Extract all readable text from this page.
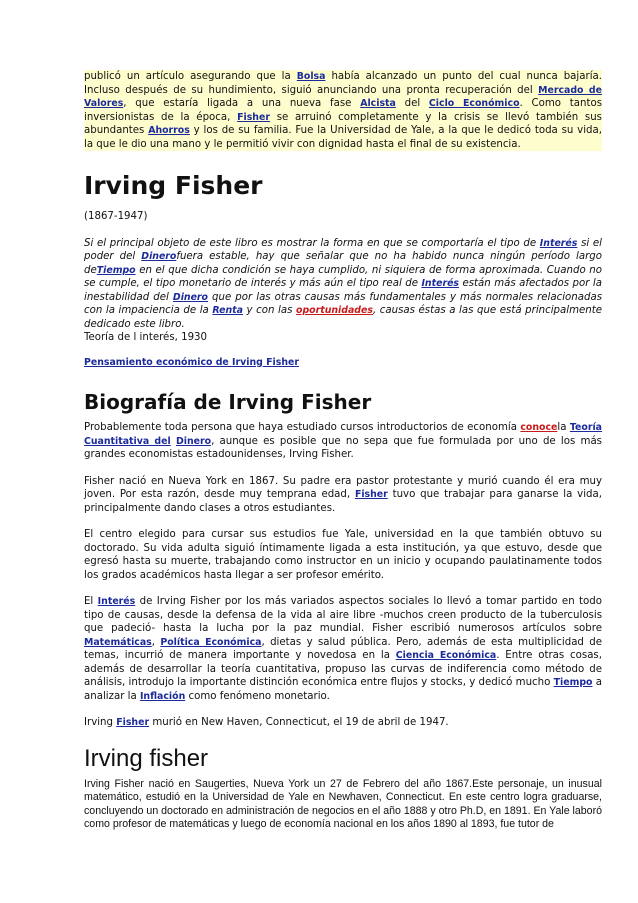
publicó un artículo asegurando que la Bolsa había alcanzado un punto del cual nunca bajaría. Incluso después de su hundimiento, siguió anunciando una pronta recuperación del Mercado de Valores, que estaría ligada a una nueva fase Alcista del Ciclo Económico. Como tantos inversionistas de la época, Fisher se arruinó completamente y la crisis se llevó también sus abundantes Ahorros y los de su familia. Fue la Universidad de Yale, a la que le dedicó toda su vida, la que le dio una mano y le permitió vivir con dignidad hasta el final de su existencia.

Irving Fisher
(1867-1947)

Si el principal objeto de este libro es mostrar la forma en que se comportaría el tipo de Interés si el poder del Dinerofuera estable, hay que señalar que no ha habido nunca ningún período largo deTiempo en el que dicha condición se haya cumplido, ni siquiera de forma aproximada. Cuando no se cumple, el tipo monetario de interés y más aún el tipo real de Interés están más afectados por la inestabilidad del Dinero que por las otras causas más fundamentales y más normales relacionadas con la impaciencia de la Renta y con las oportunidades, causas éstas a las que está principalmente dedicado este libro.

Teoría de l interés, 1930
Pensamiento económico de Irving Fisher
Biografía de Irving Fisher

Probablemente toda persona que haya estudiado cursos introductorios de economía conocela Teoría Cuantitativa del Dinero, aunque es posible que no sepa que fue formulada por uno de los más grandes economistas estadounidenses, Irving Fisher.

Fisher nació en Nueva York en 1867. Su padre era pastor protestante y murió cuando él era muy joven. Por esta razón, desde muy temprana edad, Fisher tuvo que trabajar para ganarse la vida, principalmente dando clases a otros estudiantes.

El centro elegido para cursar sus estudios fue Yale, universidad en la que también obtuvo su doctorado. Su vida adulta siguió íntimamente ligada a esta institución, ya que estuvo, desde que egresó hasta su muerte, trabajando como instructor en un inicio y ocupando paulatinamente todos los grados académicos hasta llegar a ser profesor emérito.

El Interés de Irving Fisher por los más variados aspectos sociales lo llevó a tomar partido en todo tipo de causas, desde la defensa de la vida al aire libre -muchos creen producto de la tuberculosis que padeció- hasta la lucha por la paz mundial. Fisher escribió numerosos artículos sobre Matemáticas, Política Económica, dietas y salud pública. Pero, además de esta multiplicidad de temas, incurrió de manera importante y novedosa en la Ciencia Económica. Entre otras cosas, además de desarrollar la teoría cuantitativa, propuso las curvas de indiferencia como método de análisis, introdujo la importante distinción económica entre flujos y stocks, y dedicó mucho Tiempo a analizar la Inflación como fenómeno monetario.

Irving Fisher murió en New Haven, Connecticut, el 19 de abril de 1947.

Irving fisher

Irving Fisher nació en Saugerties, Nueva York un 27 de Febrero del año 1867.Este personaje, un inusual matemático, estudió en la Universidad de Yale en Newhaven, Connecticut. En este centro logra graduarse, concluyendo un doctorado en administración de negocios en el año 1888 y otro Ph.D, en 1891. En Yale laboró como profesor de matemáticas y luego de economía nacional en los años 1890 al 1893, fue tutor de
